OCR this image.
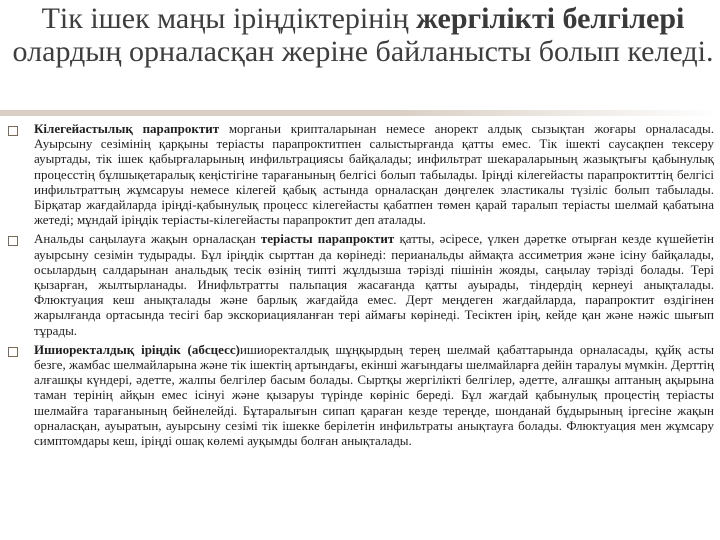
Тік ішек маңы іріңдіктерінің жергілікті белгілері олардың орналасқан жеріне байланысты болып келеді.
Кілегейастылық парапроктит морганьи крипталарынан немесе анорект алдық сызықтан жоғары орналасады. Ауырсыну сезімінің қарқыны теріасты парапроктитпен салыстырғанда қатты емес. Тік ішекті саусақпен тексеру ауыртады, тік ішек қабырғаларының инфильтрациясы байқалады; инфильтрат шекараларының жазықтығы қабынулық процесстің бұлшықетаралық кеңістігіне тарағанының белгісі болып табылады. Іріңді кілегейасты парапроктиттің белгісі инфильтраттың жұмсаруы немесе кілегей қабық астында орналасқан дөңгелек эластикалы түзіліс болып табылады. Бірқатар жағдайларда іріңді-қабынулық процесс кілегейасты қабатпен төмен қарай таралып теріасты шелмай қабатына жетеді; мұндай іріңдік теріасты-кілегейасты парапроктит деп аталады.
Анальды саңылауға жақын орналасқан теріасты парапроктит қатты, әсіресе, үлкен дәретке отырған кезде күшейетін ауырсыну сезімін тудырады. Бұл іріңдік сырттан да көрінеді: перианальды аймақта ассиметрия және ісіну байқалады, осылардың салдарынан анальдық тесік өзінің типті жұлдызша тәрізді пішінін жояды, саңылау тәрізді болады. Тері қызарған, жылтырланады. Инифльтратты пальпация жасағанда қатты ауырады, тіндердің кернеуі анықталады. Флюктуация кеш анықталады және барлық жағдайда емес. Дерт меңдеген жағдайларда, парапроктит өздігінен жарылғанда ортасында тесігі бар экскориацияланған тері аймағы көрінеді. Тесіктен ірің, кейде қан және нәжіс шығып тұрады.
Ишиоректалдық іріңдік (абсцесс)ишиоректалдық шұңқырдың терең шелмай қабаттарында орналасады, құйқ асты безге, жамбас шелмайларына және тік ішектің артындағы, екінші жағындағы шелмайларға дейін таралуы мүмкін. Дерттің алғашқы күндері, әдетте, жалпы белгілер басым болады. Сыртқы жергілікті белгілер, әдетте, алғашқы аптаның ақырына таман терінің айқын емес ісінуі және қызаруы түрінде көрініс береді. Бұл жағдай қабынулық процестің теріасты шелмайға тарағанының бейнелейді. Бұтаралығын сипап қараған кезде тереңде, шонданай бұдырының іргесіне жақын орналасқан, ауыратын, ауырсыну сезімі тік ішекке берілетін инфильтраты анықтауға болады. Флюктуация мен жұмсару симптомдары кеш, іріңді ошақ көлемі ауқымды болған анықталады.
